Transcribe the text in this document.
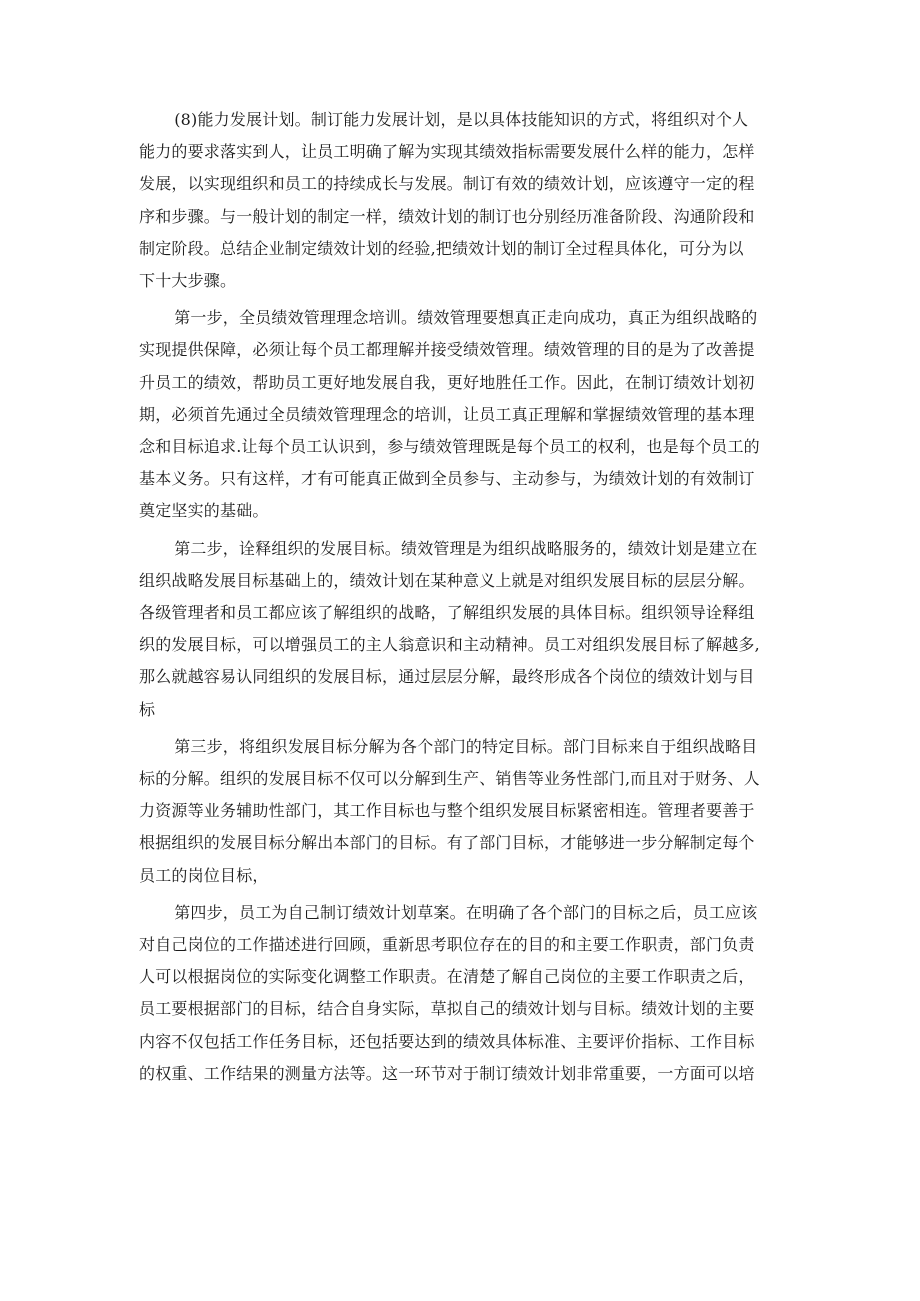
(8)能力发展计划。制订能力发展计划，是以具体技能知识的方式，将组织对个人
能力的要求落实到人，让员工明确了解为实现其绩效指标需要发展什么样的能力，怎样
发展，以实现组织和员工的持续成长与发展。制订有效的绩效计划，应该遵守一定的程
序和步骤。与一般计划的制定一样，绩效计划的制订也分别经历准备阶段、沟通阶段和
制定阶段。总结企业制定绩效计划的经验,把绩效计划的制订全过程具体化，可分为以
下十大步骤。
第一步，全员绩效管理理念培训。绩效管理要想真正走向成功，真正为组织战略的
实现提供保障，必须让每个员工都理解并接受绩效管理。绩效管理的目的是为了改善提
升员工的绩效，帮助员工更好地发展自我，更好地胜任工作。因此，在制订绩效计划初
期，必须首先通过全员绩效管理理念的培训，让员工真正理解和掌握绩效管理的基本理
念和目标追求.让每个员工认识到，参与绩效管理既是每个员工的权利，也是每个员工的
基本义务。只有这样，才有可能真正做到全员参与、主动参与，为绩效计划的有效制订
奠定坚实的基础。
第二步，诠释组织的发展目标。绩效管理是为组织战略服务的，绩效计划是建立在
组织战略发展目标基础上的，绩效计划在某种意义上就是对组织发展目标的层层分解。
各级管理者和员工都应该了解组织的战略，了解组织发展的具体目标。组织领导诠释组
织的发展目标，可以增强员工的主人翁意识和主动精神。员工对组织发展目标了解越多,
那么就越容易认同组织的发展目标，通过层层分解，最终形成各个岗位的绩效计划与目
标
第三步，将组织发展目标分解为各个部门的特定目标。部门目标来自于组织战略目
标的分解。组织的发展目标不仅可以分解到生产、销售等业务性部门,而且对于财务、人
力资源等业务辅助性部门，其工作目标也与整个组织发展目标紧密相连。管理者要善于
根据组织的发展目标分解出本部门的目标。有了部门目标，才能够进一步分解制定每个
员工的岗位目标，
第四步，员工为自己制订绩效计划草案。在明确了各个部门的目标之后，员工应该
对自己岗位的工作描述进行回顾，重新思考职位存在的目的和主要工作职责，部门负责
人可以根据岗位的实际变化调整工作职责。在清楚了解自己岗位的主要工作职责之后，
员工要根据部门的目标，结合自身实际，草拟自己的绩效计划与目标。绩效计划的主要
内容不仅包括工作任务目标，还包括要达到的绩效具体标准、主要评价指标、工作目标
的权重、工作结果的测量方法等。这一环节对于制订绩效计划非常重要，一方面可以培
